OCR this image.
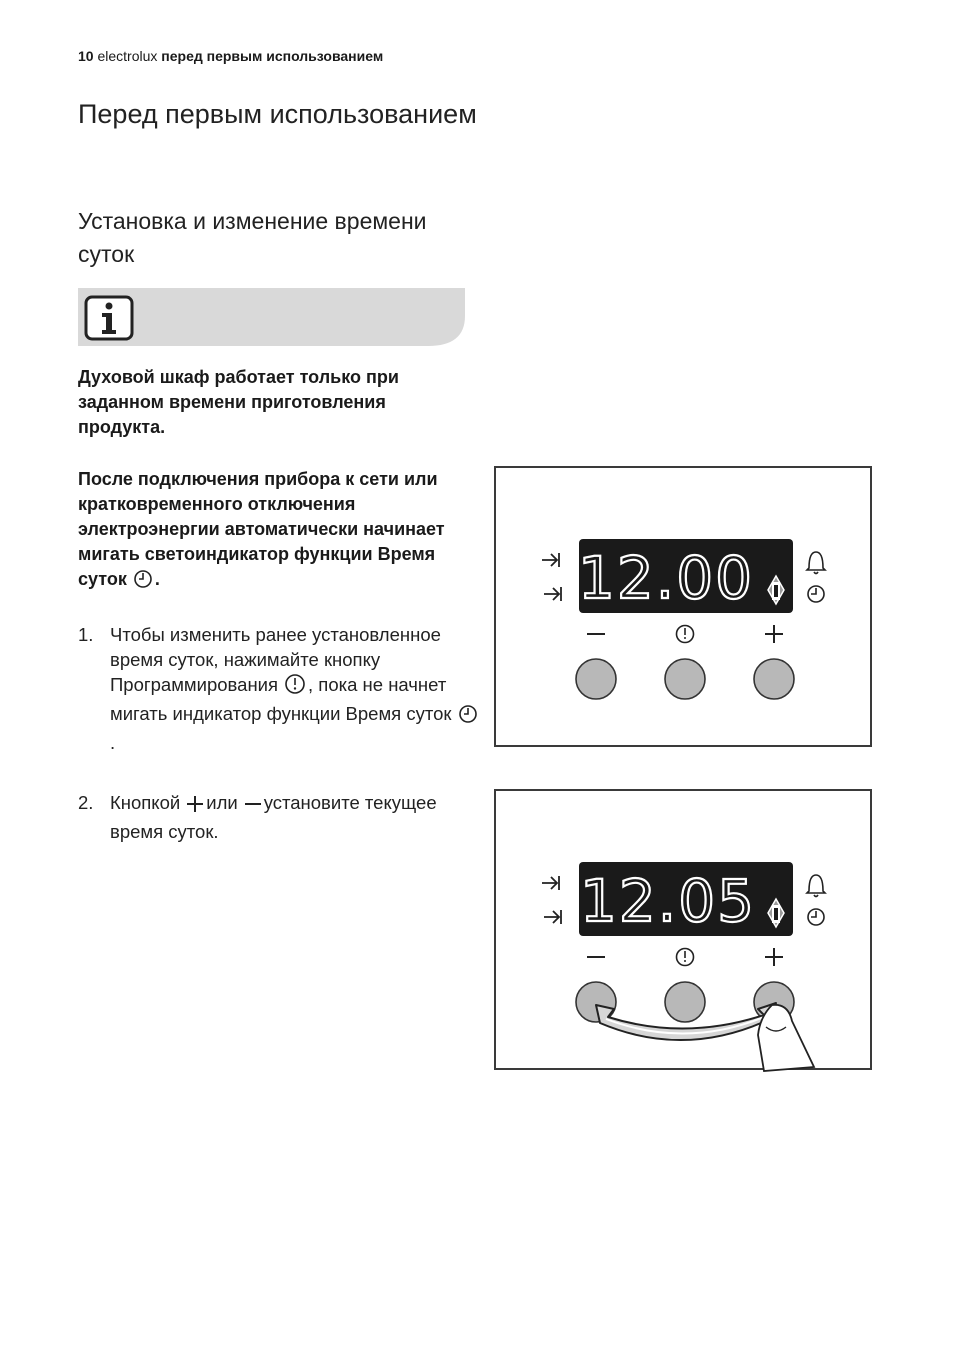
10 electrolux перед первым использованием
Перед первым использованием
Установка и изменение времени суток
Духовой шкаф работает только при заданном времени приготовления продукта.
После подключения прибора к сети или кратковременного отключения электроэнергии автоматически начинает мигать светоиндикатор функции Время суток .
1. Чтобы изменить ранее установленное время суток, нажимайте кнопку Программирования , пока не начнет мигать индикатор функции Время суток.
2. Кнопкой или установите текущее время суток.
12.00
12.05
